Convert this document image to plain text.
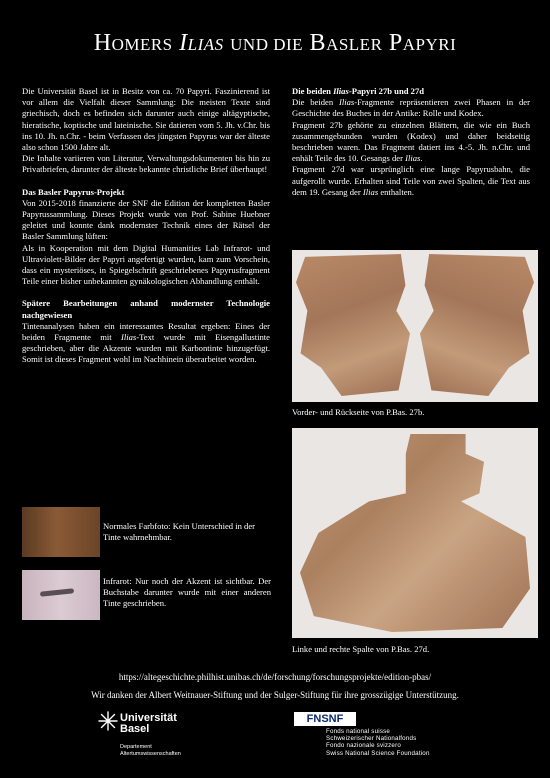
HOMERS ILIAS UND DIE BASLER PAPYRI

Die Universität Basel ist in Besitz von ca. 70 Papyri. Faszinierend ist vor allem die Vielfalt dieser Sammlung: Die meisten Texte sind griechisch, doch es befinden sich darunter auch einige altägyptische, hieratische, koptische und lateinische. Sie datieren vom 5. Jh. v.Chr. bis ins 10. Jh. n.Chr. - beim Verfassen des jüngsten Papyrus war der älteste also schon 1500 Jahre alt.

Die Inhalte variieren von Literatur, Verwaltungsdokumenten bis hin zu Privatbriefen, darunter der älteste bekannte christliche Brief überhaupt!

Das Basler Papyrus-Projekt

Von 2015-2018 finanzierte der SNF die Edition der kompletten Basler Papyrussammlung. Dieses Projekt wurde von Prof. Sabine Huebner geleitet und konnte dank modernster Technik eines der Rätsel der Basler Sammlung lüften:

Als in Kooperation mit dem Digital Humanities Lab Infrarot- und Ultraviolett-Bilder der Papyri angefertigt wurden, kam zum Vorschein, dass ein mysteriöses, in Spiegelschrift geschriebenes Papyrusfragment Teile einer bisher unbekannten gynäkologischen Abhandlung enthält.

Spätere Bearbeitungen anhand modernster Technologie nachgewiesen

Tintenanalysen haben ein interessantes Resultat ergeben: Eines der beiden Fragmente mit Ilias-Text wurde mit Eisengallustinte geschrieben, aber die Akzente wurden mit Karbontinte hinzugefügt. Somit ist dieses Fragment wohl im Nachhinein überarbeitet worden.

Normales Farbfoto: Kein Unterschied in der Tinte wahrnehmbar.
Infrarot: Nur noch der Akzent ist sichtbar. Der Buchstabe darunter wurde mit einer anderen Tinte geschrieben.
Die beiden Ilias-Papyri 27b und 27d

Die beiden Ilias-Fragmente repräsentieren zwei Phasen in der Geschichte des Buches in der Antike: Rolle und Kodex.

Fragment 27b gehörte zu einzelnen Blättern, die wie ein Buch zusammengebunden wurden (Kodex) und daher beidseitig beschrieben waren. Das Fragment datiert ins 4.-5. Jh. n.Chr. und enhält Teile des 10. Gesangs der Ilias.

Fragment 27d war ursprünglich eine lange Papyrusbahn, die aufgerollt wurde. Erhalten sind Teile von zwei Spalten, die Text aus dem 19. Gesang der Ilias enthalten.

Vorder- und Rückseite von P.Bas. 27b.
Linke und rechte Spalte von P.Bas. 27d.
https://altegeschichte.philhist.unibas.ch/de/forschung/forschungsprojekte/edition-pbas/
Wir danken der Albert Weitnauer-Stiftung und der Sulger-Stiftung für ihre grosszügige Unterstützung.
Universität
Basel
Departement
Altertumswissenschaften
FNSNF
Fonds national suisse
Schweizerischer Nationalfonds
Fondo nazionale svizzero
Swiss National Science Foundation
